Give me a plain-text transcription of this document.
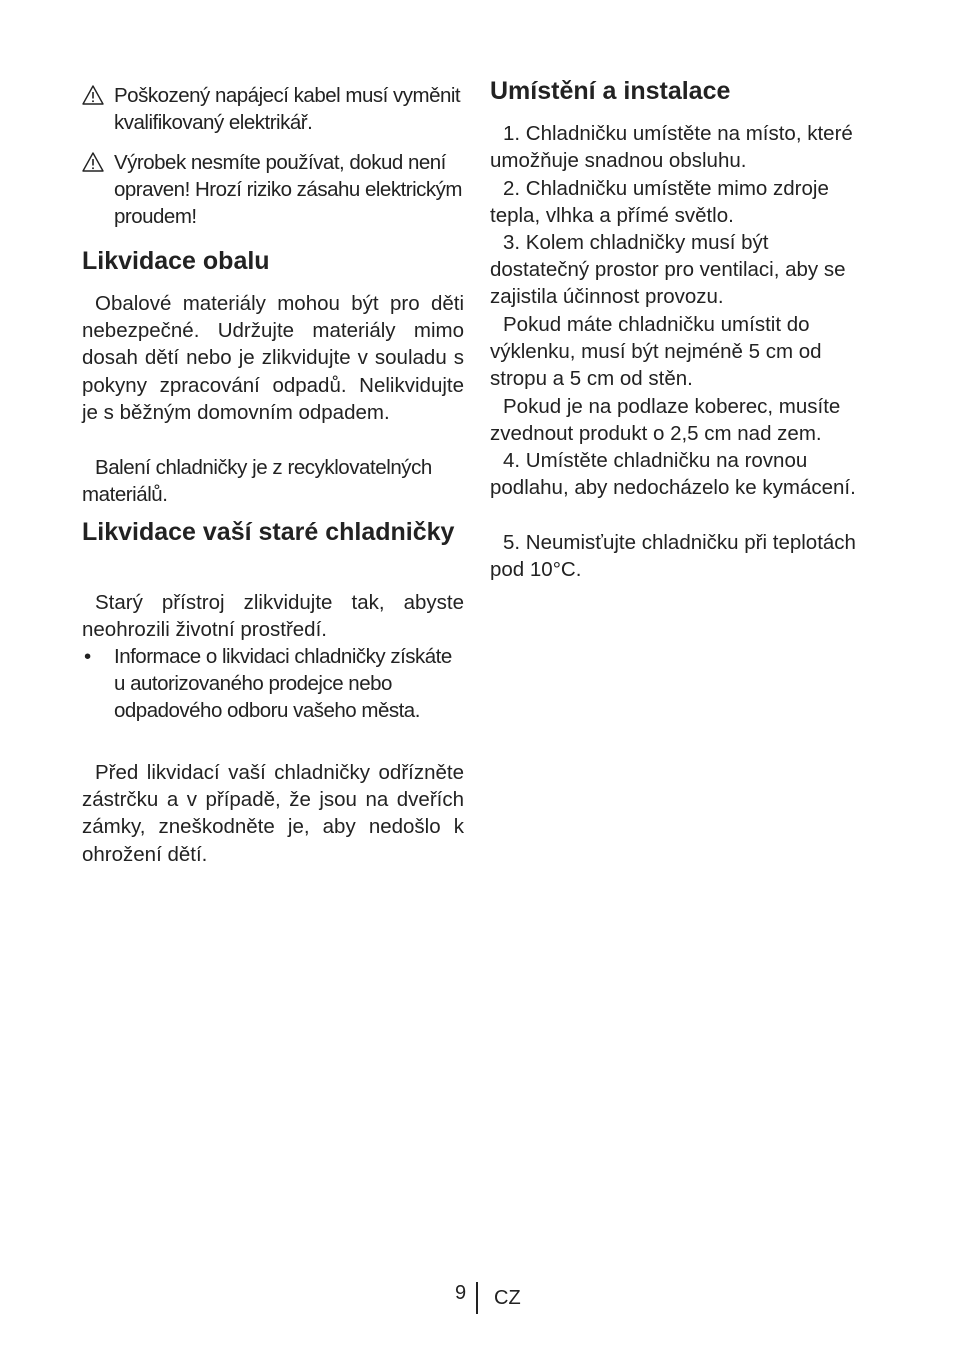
Poškozený napájecí kabel musí vyměnit kvalifikovaný elektrikář.
Výrobek nesmíte používat, dokud není opraven! Hrozí riziko zásahu elektrickým proudem!
Likvidace obalu

Obalové materiály mohou být pro děti nebezpečné. Udržujte materiály mimo dosah dětí nebo je zlikvidujte v souladu s pokyny zpracování odpadů. Nelikvidujte je s běžným domovním odpadem.

Balení chladničky je z recyklovatelných materiálů.

Likvidace vaší staré chladničky

Starý přístroj zlikvidujte tak, abyste neohrozili životní prostředí.

• Informace o likvidaci chladničky získáte u autorizovaného prodejce nebo odpadového odboru vašeho města.

Před likvidací vaší chladničky odřízněte zástrčku a v případě, že jsou na dveřích zámky, zneškodněte je, aby nedošlo k ohrožení dětí.

Umístění a instalace

1. Chladničku umístěte na místo, které umožňuje snadnou obsluhu.

2. Chladničku umístěte mimo zdroje tepla, vlhka a přímé světlo.

3. Kolem chladničky musí být dostatečný prostor pro ventilaci, aby se zajistila účinnost provozu.

Pokud máte chladničku umístit do výklenku, musí být nejméně 5 cm od stropu a 5 cm od stěn.

Pokud je na podlaze koberec, musíte zvednout produkt o 2,5 cm nad zem.

4. Umístěte chladničku na rovnou podlahu, aby nedocházelo ke kymácení.

5. Neumisťujte chladničku při teplotách pod 10°C.

9 CZ
